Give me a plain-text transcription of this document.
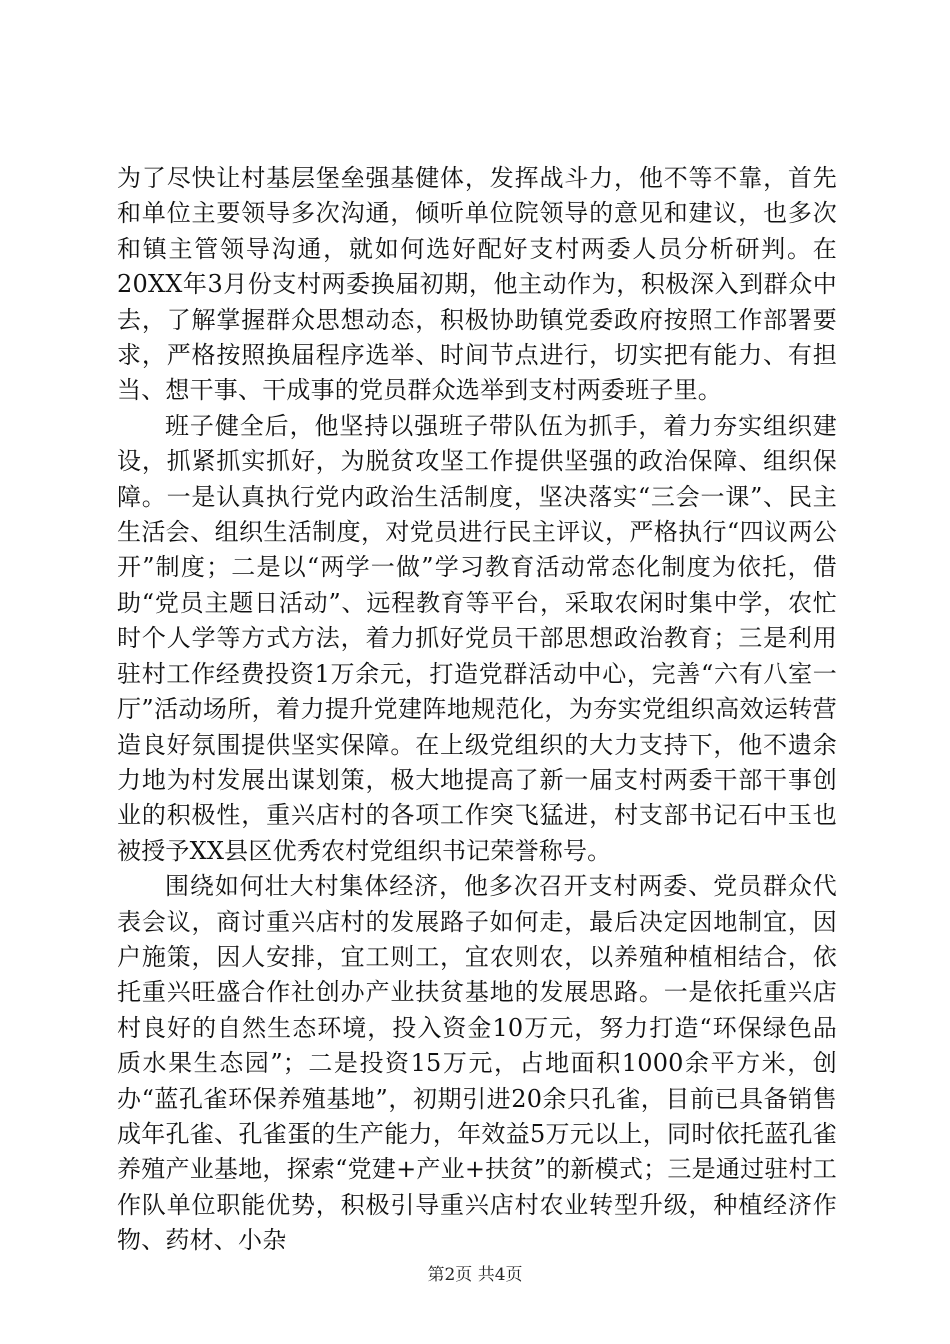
为了尽快让村基层堡垒强基健体，发挥战斗力，他不等不靠，首先和单位主要领导多次沟通，倾听单位院领导的意见和建议，也多次和镇主管领导沟通，就如何选好配好支村两委人员分析研判。在20XX年3月份支村两委换届初期，他主动作为，积极深入到群众中去，了解掌握群众思想动态，积极协助镇党委政府按照工作部署要求，严格按照换届程序选举、时间节点进行，切实把有能力、有担当、想干事、干成事的党员群众选举到支村两委班子里。

班子健全后，他坚持以强班子带队伍为抓手，着力夯实组织建设，抓紧抓实抓好，为脱贫攻坚工作提供坚强的政治保障、组织保障。一是认真执行党内政治生活制度，坚决落实“三会一课”、民主生活会、组织生活制度，对党员进行民主评议，严格执行“四议两公开”制度；二是以“两学一做”学习教育活动常态化制度为依托，借助“党员主题日活动”、远程教育等平台，采取农闲时集中学，农忙时个人学等方式方法，着力抓好党员干部思想政治教育；三是利用驻村工作经费投资1万余元，打造党群活动中心，完善“六有八室一厅”活动场所，着力提升党建阵地规范化，为夯实党组织高效运转营造良好氛围提供坚实保障。在上级党组织的大力支持下，他不遗余力地为村发展出谋划策，极大地提高了新一届支村两委干部干事创业的积极性，重兴店村的各项工作突飞猛进，村支部书记石中玉也被授予XX县区优秀农村党组织书记荣誉称号。

围绕如何壮大村集体经济，他多次召开支村两委、党员群众代表会议，商讨重兴店村的发展路子如何走，最后决定因地制宜，因户施策，因人安排，宜工则工，宜农则农，以养殖种植相结合，依托重兴旺盛合作社创办产业扶贫基地的发展思路。一是依托重兴店村良好的自然生态环境，投入资金10万元，努力打造“环保绿色品质水果生态园”；二是投资15万元，占地面积1000余平方米，创办“蓝孔雀环保养殖基地”，初期引进20余只孔雀，目前已具备销售成年孔雀、孔雀蛋的生产能力，年效益5万元以上，同时依托蓝孔雀养殖产业基地，探索“党建+产业+扶贫”的新模式；三是通过驻村工作队单位职能优势，积极引导重兴店村农业转型升级，种植经济作物、药材、小杂

第2页 共4页
